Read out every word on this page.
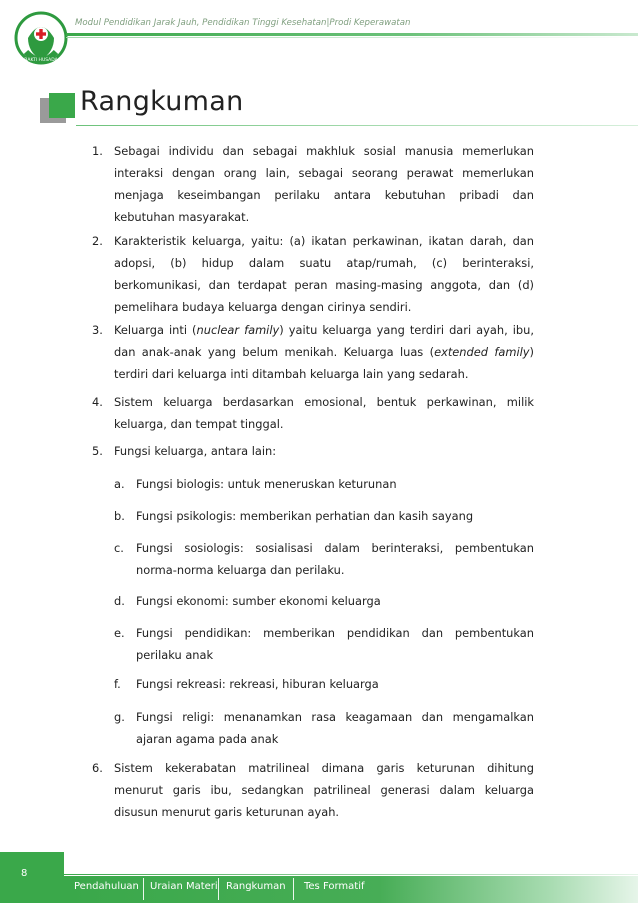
BAKTI HUSADA
Modul Pendidikan Jarak Jauh, Pendidikan Tinggi Kesehatan|Prodi Keperawatan
Rangkuman
1. Sebagai individu dan sebagai makhluk sosial manusia memerlukan interaksi dengan orang lain, sebagai seorang perawat memerlukan menjaga keseimbangan perilaku antara kebutuhan pribadi dan kebutuhan masyarakat.
2. Karakteristik keluarga, yaitu: (a) ikatan perkawinan, ikatan darah, dan adopsi, (b) hidup dalam suatu atap/rumah, (c) berinteraksi, berkomunikasi, dan terdapat peran masing-masing anggota, dan (d) pemelihara budaya keluarga dengan cirinya sendiri.
3. Keluarga inti (nuclear family) yaitu keluarga yang terdiri dari ayah, ibu, dan anak-anak yang belum menikah. Keluarga luas (extended family) terdiri dari keluarga inti ditambah keluarga lain yang sedarah.
4. Sistem keluarga berdasarkan emosional, bentuk perkawinan, milik keluarga, dan tempat tinggal.
5. Fungsi keluarga, antara lain:
a. Fungsi biologis: untuk meneruskan keturunan
b. Fungsi psikologis: memberikan perhatian dan kasih sayang
c.	Fungsi sosiologis: sosialisasi dalam berinteraksi, pembentukan norma-norma keluarga dan perilaku.
d. Fungsi ekonomi: sumber ekonomi keluarga
e. Fungsi pendidikan: memberikan pendidikan dan pembentukan perilaku anak
f.	Fungsi rekreasi: rekreasi, hiburan keluarga
g. Fungsi religi: menanamkan rasa keagamaan dan mengamalkan ajaran agama pada anak
6. Sistem kekerabatan matrilineal dimana garis keturunan dihitung menurut garis ibu, sedangkan patrilineal generasi dalam keluarga disusun menurut garis keturunan ayah.
8
Pendahuluan Uraian Materi Rangkuman Tes Formatif
